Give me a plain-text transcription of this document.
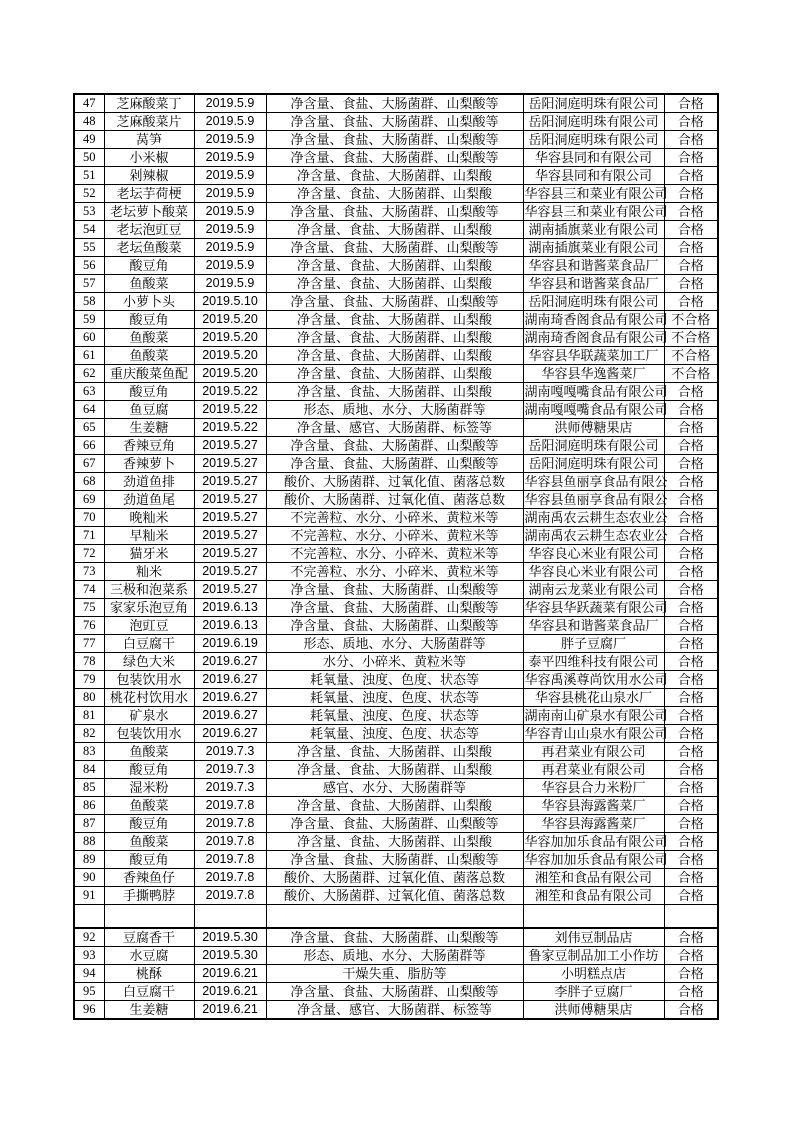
47	芝麻酸菜丁	2019.5.9	净含量、食盐、大肠菌群、山梨酸等	岳阳洞庭明珠有限公司	合格
48	芝麻酸菜片	2019.5.9	净含量、食盐、大肠菌群、山梨酸等	岳阳洞庭明珠有限公司	合格
49	莴笋	2019.5.9	净含量、食盐、大肠菌群、山梨酸等	岳阳洞庭明珠有限公司	合格
50	小米椒	2019.5.9	净含量、食盐、大肠菌群、山梨酸等	华容县同和有限公司	合格
51	剁辣椒	2019.5.9	净含量、食盐、大肠菌群、山梨酸	华容县同和有限公司	合格
52	老坛芋荷梗	2019.5.9	净含量、食盐、大肠菌群、山梨酸	华容县三和菜业有限公司	合格
53	老坛萝卜酸菜	2019.5.9	净含量、食盐、大肠菌群、山梨酸等	华容县三和菜业有限公司	合格
54	老坛泡豇豆	2019.5.9	净含量、食盐、大肠菌群、山梨酸	湖南插旗菜业有限公司	合格
55	老坛鱼酸菜	2019.5.9	净含量、食盐、大肠菌群、山梨酸等	湖南插旗菜业有限公司	合格
56	酸豆角	2019.5.9	净含量、食盐、大肠菌群、山梨酸	华容县和谐酱菜食品厂	合格
57	鱼酸菜	2019.5.9	净含量、食盐、大肠菌群、山梨酸	华容县和谐酱菜食品厂	合格
58	小萝卜头	2019.5.10	净含量、食盐、大肠菌群、山梨酸等	岳阳洞庭明珠有限公司	合格
59	酸豆角	2019.5.20	净含量、食盐、大肠菌群、山梨酸	湖南琦香阁食品有限公司	不合格
60	鱼酸菜	2019.5.20	净含量、食盐、大肠菌群、山梨酸	湖南琦香阁食品有限公司	不合格
61	鱼酸菜	2019.5.20	净含量、食盐、大肠菌群、山梨酸	华容县华联蔬菜加工厂	不合格
62	重庆酸菜鱼配	2019.5.20	净含量、食盐、大肠菌群、山梨酸	华容县华逸酱菜厂	不合格
63	酸豆角	2019.5.22	净含量、食盐、大肠菌群、山梨酸	湖南嘎嘎嘴食品有限公司	合格
64	鱼豆腐	2019.5.22	形态、质地、水分、大肠菌群等	湖南嘎嘎嘴食品有限公司	合格
65	生姜糖	2019.5.22	净含量、感官、大肠菌群、标签等	洪师傅糖果店	合格
66	香辣豆角	2019.5.27	净含量、食盐、大肠菌群、山梨酸等	岳阳洞庭明珠有限公司	合格
67	香辣萝卜	2019.5.27	净含量、食盐、大肠菌群、山梨酸等	岳阳洞庭明珠有限公司	合格
68	劲道鱼排	2019.5.27	酸价、大肠菌群、过氧化值、菌落总数	华容县鱼丽享食品有限公	合格
69	劲道鱼尾	2019.5.27	酸价、大肠菌群、过氧化值、菌落总数	华容县鱼丽享食品有限公	合格
70	晚籼米	2019.5.27	不完善粒、水分、小碎米、黄粒米等	湖南禹农云耕生态农业公	合格
71	早籼米	2019.5.27	不完善粒、水分、小碎米、黄粒米等	湖南禹农云耕生态农业公	合格
72	猫牙米	2019.5.27	不完善粒、水分、小碎米、黄粒米等	华容良心米业有限公司	合格
73	籼米	2019.5.27	不完善粒、水分、小碎米、黄粒米等	华容良心米业有限公司	合格
74	三极和泡菜系	2019.5.27	净含量、食盐、大肠菌群、山梨酸等	湖南云龙菜业有限公司	合格
75	家家乐泡豆角	2019.6.13	净含量、食盐、大肠菌群、山梨酸等	华容县华跃蔬菜有限公司	合格
76	泡豇豆	2019.6.13	净含量、食盐、大肠菌群、山梨酸等	华容县和谐酱菜食品厂	合格
77	白豆腐干	2019.6.19	形态、质地、水分、大肠菌群等	胖子豆腐厂	合格
78	绿色大米	2019.6.27	水分、小碎米、黄粒米等	泰平四维科技有限公司	合格
79	包装饮用水	2019.6.27	耗氧量、浊度、色度、状态等	华容禹溪尊尚饮用水公司	合格
80	桃花村饮用水	2019.6.27	耗氧量、浊度、色度、状态等	华容县桃花山泉水厂	合格
81	矿泉水	2019.6.27	耗氧量、浊度、色度、状态等	湖南南山矿泉水有限公司	合格
82	包装饮用水	2019.6.27	耗氧量、浊度、色度、状态等	华容青山山泉水有限公司	合格
83	鱼酸菜	2019.7.3	净含量、食盐、大肠菌群、山梨酸	再君菜业有限公司	合格
84	酸豆角	2019.7.3	净含量、食盐、大肠菌群、山梨酸	再君菜业有限公司	合格
85	湿米粉	2019.7.3	感官、水分、大肠菌群等	华容县合力米粉厂	合格
86	鱼酸菜	2019.7.8	净含量、食盐、大肠菌群、山梨酸	华容县海露酱菜厂	合格
87	酸豆角	2019.7.8	净含量、食盐、大肠菌群、山梨酸等	华容县海露酱菜厂	合格
88	鱼酸菜	2019.7.8	净含量、食盐、大肠菌群、山梨酸	华容加加乐食品有限公司	合格
89	酸豆角	2019.7.8	净含量、食盐、大肠菌群、山梨酸等	华容加加乐食品有限公司	合格
90	香辣鱼仔	2019.7.8	酸价、大肠菌群、过氧化值、菌落总数	湘笙和食品有限公司	合格
91	手撕鸭脖	2019.7.8	酸价、大肠菌群、过氧化值、菌落总数	湘笙和食品有限公司	合格

92	豆腐香干	2019.5.30	净含量、食盐、大肠菌群、山梨酸等	刘伟豆制品店	合格
93	水豆腐	2019.5.30	形态、质地、水分、大肠菌群等	鲁家豆制品加工小作坊	合格
94	桃酥	2019.6.21	干燥失重、脂肪等	小明糕点店	合格
95	白豆腐干	2019.6.21	净含量、食盐、大肠菌群、山梨酸等	李胖子豆腐厂	合格
96	生姜糖	2019.6.21	净含量、感官、大肠菌群、标签等	洪师傅糖果店	合格
